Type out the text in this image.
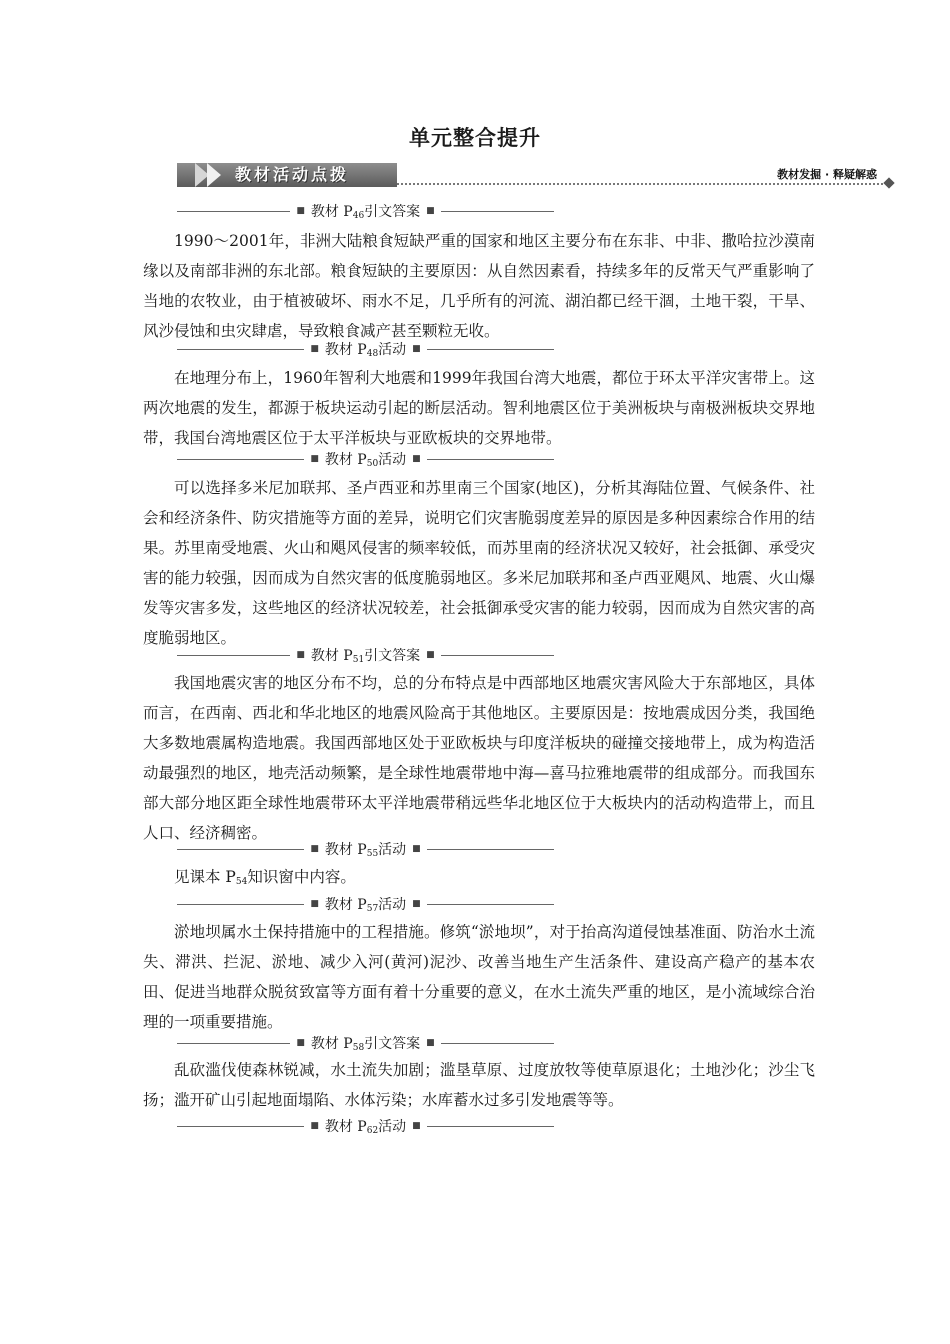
单元整合提升
教材活动点拨	教材发掘 · 释疑解惑
■ 教材 $P_{46}$引文答案 ■

1990～2001年，非洲大陆粮食短缺严重的国家和地区主要分布在东非、中非、撒哈拉沙漠南缘以及南部非洲的东北部。粮食短缺的主要原因：从自然因素看，持续多年的反常天气严重影响了当地的农牧业，由于植被破坏、雨水不足，几乎所有的河流、湖泊都已经干涸，土地干裂，干旱、风沙侵蚀和虫灾肆虐，导致粮食减产甚至颗粒无收。

■ 教材 $P_{48}$活动 ■

在地理分布上，1960年智利大地震和1999年我国台湾大地震，都位于环太平洋灾害带上。这两次地震的发生，都源于板块运动引起的断层活动。智利地震区位于美洲板块与南极洲板块交界地带，我国台湾地震区位于太平洋板块与亚欧板块的交界地带。

■ 教材 $P_{50}$活动 ■

可以选择多米尼加联邦、圣卢西亚和苏里南三个国家(地区)，分析其海陆位置、气候条件、社会和经济条件、防灾措施等方面的差异，说明它们灾害脆弱度差异的原因是多种因素综合作用的结果。苏里南受地震、火山和飓风侵害的频率较低，而苏里南的经济状况又较好，社会抵御、承受灾害的能力较强，因而成为自然灾害的低度脆弱地区。多米尼加联邦和圣卢西亚飓风、地震、火山爆发等灾害多发，这些地区的经济状况较差，社会抵御承受灾害的能力较弱，因而成为自然灾害的高度脆弱地区。

■ 教材 $P_{51}$引文答案 ■

我国地震灾害的地区分布不均，总的分布特点是中西部地区地震灾害风险大于东部地区，具体而言，在西南、西北和华北地区的地震风险高于其他地区。主要原因是：按地震成因分类，我国绝大多数地震属构造地震。我国西部地区处于亚欧板块与印度洋板块的碰撞交接地带上，成为构造活动最强烈的地区，地壳活动频繁，是全球性地震带地中海—喜马拉雅地震带的组成部分。而我国东部大部分地区距全球性地震带环太平洋地震带稍远些华北地区位于大板块内的活动构造带上，而且人口、经济稠密。

■ 教材 $P_{55}$活动 ■

见课本 $P_{54}$知识窗中内容。

■ 教材 $P_{57}$活动 ■

淤地坝属水土保持措施中的工程措施。修筑“淤地坝”，对于抬高沟道侵蚀基准面、防治水土流失、滞洪、拦泥、淤地、减少入河(黄河)泥沙、改善当地生产生活条件、建设高产稳产的基本农田、促进当地群众脱贫致富等方面有着十分重要的意义，在水土流失严重的地区，是小流域综合治理的一项重要措施。

■ 教材 $P_{58}$引文答案 ■

乱砍滥伐使森林锐减，水土流失加剧；滥垦草原、过度放牧等使草原退化；土地沙化；沙尘飞扬；滥开矿山引起地面塌陷、水体污染；水库蓄水过多引发地震等等。

■ 教材 $P_{62}$活动 ■
